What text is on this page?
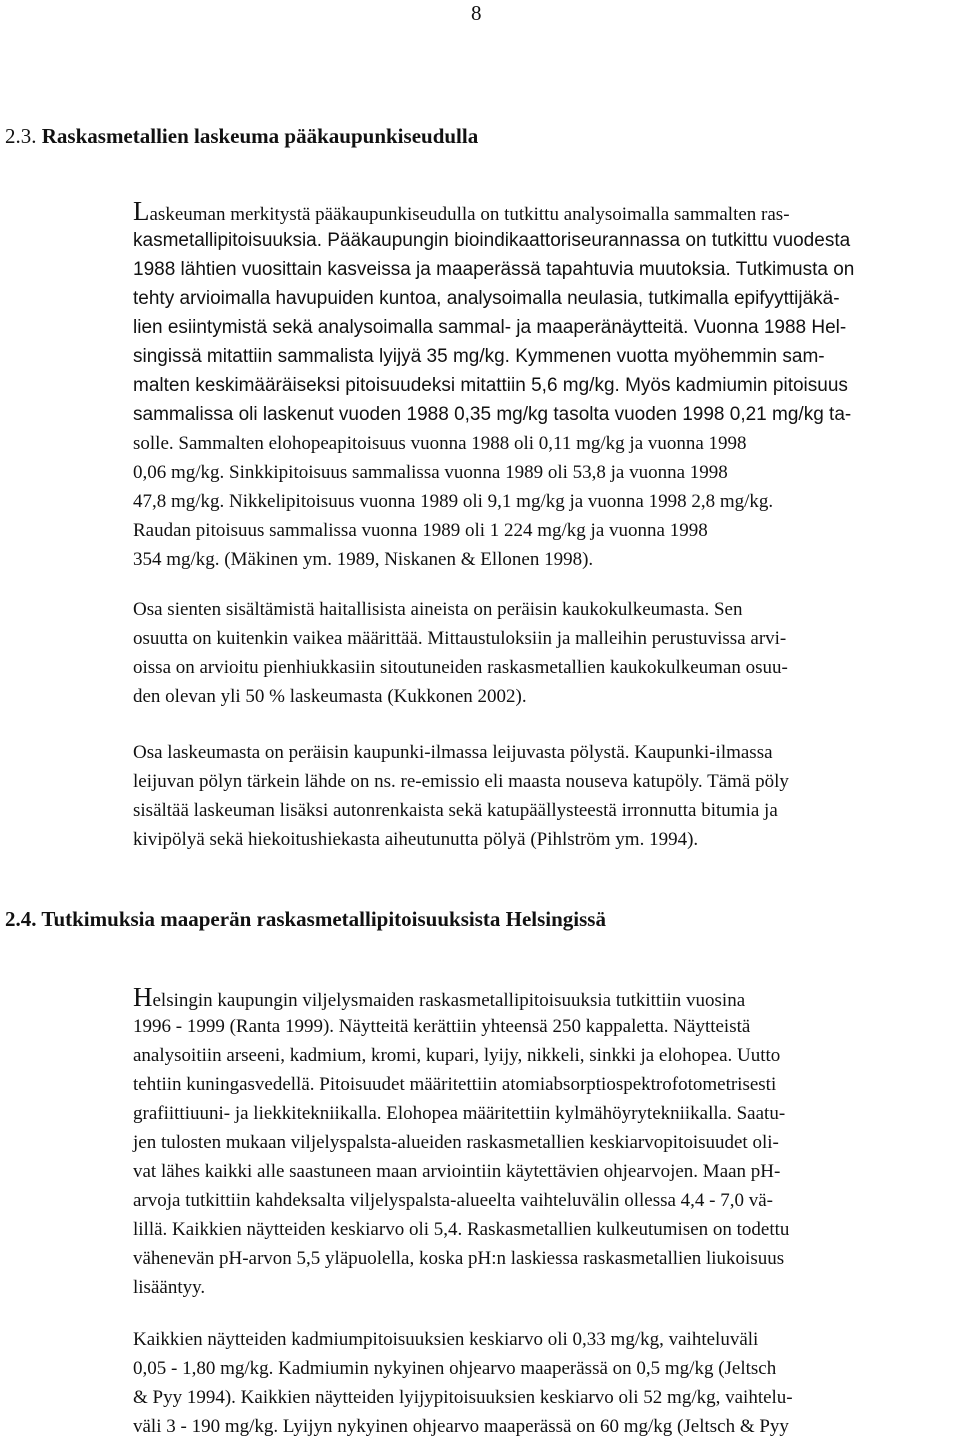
8
2.3. Raskasmetallien laskeuma pääkaupunkiseudulla
Laskeuman merkitystä pääkaupunkiseudulla on tutkittu analysoimalla sammalten ras-
kasmetallipitoisuuksia. Pääkaupungin bioindikaattoriseurannassa on tutkittu vuodesta
1988 lähtien vuosittain kasveissa ja maaperässä tapahtuvia muutoksia. Tutkimusta on
tehty arvioimalla havupuiden kuntoa, analysoimalla neulasia, tutkimalla epifyyttijäkä-
lien esiintymistä sekä analysoimalla sammal- ja maaperänäytteitä. Vuonna 1988 Hel-
singissä mitattiin sammalista lyijyä 35 mg/kg. Kymmenen vuotta myöhemmin sam-
malten keskimääräiseksi pitoisuudeksi mitattiin 5,6 mg/kg. Myös kadmiumin pitoisuus
sammalissa oli laskenut vuoden 1988 0,35 mg/kg tasolta vuoden 1998 0,21 mg/kg ta-
solle. Sammalten elohopeapitoisuus vuonna 1988 oli 0,11 mg/kg ja vuonna 1998
0,06 mg/kg. Sinkkipitoisuus sammalissa vuonna 1989 oli 53,8 ja vuonna 1998
47,8 mg/kg. Nikkelipitoisuus vuonna 1989 oli 9,1 mg/kg ja vuonna 1998 2,8 mg/kg.
Raudan pitoisuus sammalissa vuonna 1989 oli 1 224 mg/kg ja vuonna 1998
354 mg/kg. (Mäkinen ym. 1989, Niskanen & Ellonen 1998).
Osa sienten sisältämistä haitallisista aineista on peräisin kaukokulkeumasta. Sen
osuutta on kuitenkin vaikea määrittää. Mittaustuloksiin ja malleihin perustuvissa arvi-
oissa on arvioitu pienhiukkasiin sitoutuneiden raskasmetallien kaukokulkeuman osuu-
den olevan yli 50 % laskeumasta (Kukkonen 2002).
Osa laskeumasta on peräisin kaupunki-ilmassa leijuvasta pölystä. Kaupunki-ilmassa
leijuvan pölyn tärkein lähde on ns. re-emissio eli maasta nouseva katupöly. Tämä pöly
sisältää laskeuman lisäksi autonrenkaista sekä katupäällysteestä irronnutta bitumia ja
kivipölyä sekä hiekoitushiekasta aiheutunutta pölyä (Pihlström ym. 1994).
2.4. Tutkimuksia maaperän raskasmetallipitoisuuksista Helsingissä
Helsingin kaupungin viljelysmaiden raskasmetallipitoisuuksia tutkittiin vuosina
1996 - 1999 (Ranta 1999). Näytteitä kerättiin yhteensä 250 kappaletta. Näytteistä
analysoitiin arseeni, kadmium, kromi, kupari, lyijy, nikkeli, sinkki ja elohopea. Uutto
tehtiin kuningasvedellä. Pitoisuudet määritettiin atomiabsorptiospektrofotometrisesti
grafiittiuuni- ja liekkitekniikalla. Elohopea määritettiin kylmähöyrytekniikalla. Saatu-
jen tulosten mukaan viljelyspalsta-alueiden raskasmetallien keskiarvopitoisuudet oli-
vat lähes kaikki alle saastuneen maan arviointiin käytettävien ohjearvojen. Maan pH-
arvoja tutkittiin kahdeksalta viljelyspalsta-alueelta vaihteluvälin ollessa 4,4 - 7,0 vä-
lillä. Kaikkien näytteiden keskiarvo oli 5,4. Raskasmetallien kulkeutumisen on todettu
vähenevän pH-arvon 5,5 yläpuolella, koska pH:n laskiessa raskasmetallien liukoisuus
lisääntyy.
Kaikkien näytteiden kadmiumpitoisuuksien keskiarvo oli 0,33 mg/kg, vaihteluväli
0,05 - 1,80 mg/kg. Kadmiumin nykyinen ohjearvo maaperässä on 0,5 mg/kg (Jeltsch
& Pyy 1994). Kaikkien näytteiden lyijypitoisuuksien keskiarvo oli 52 mg/kg, vaihtelu-
väli 3 - 190 mg/kg. Lyijyn nykyinen ohjearvo maaperässä on 60 mg/kg (Jeltsch & Pyy
